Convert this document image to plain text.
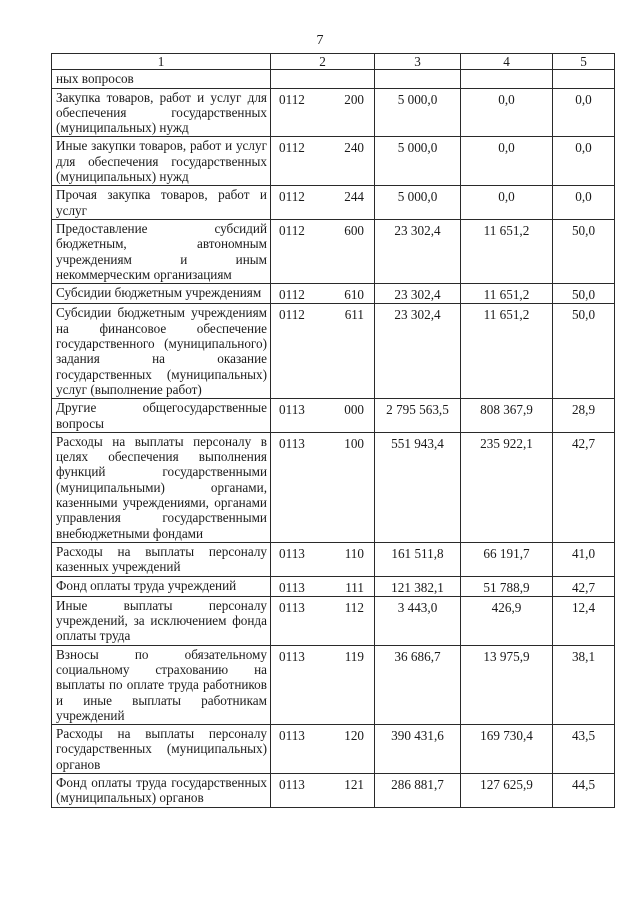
7
1	2	3	4	5
ных вопросов	

Закупка товаров, работ и услуг для обеспечения государственных (муниципальных) нужд	0112 200	5 000,0	0,0	0,0
Иные закупки товаров, работ и услуг для обеспечения государственных (муниципальных) нужд	0112 240	5 000,0	0,0	0,0
Прочая закупка товаров, работ и услуг	0112 244	5 000,0	0,0	0,0
Предоставление субсидий бюджетным, автономным учреждениям и иным некоммерческим организациям	0112 600	23 302,4	11 651,2	50,0
Субсидии бюджетным учреждениям	0112 610	23 302,4	11 651,2	50,0
Субсидии бюджетным учреждениям на финансовое обеспечение государственного (муниципального) задания на оказание государственных (муниципальных) услуг (выполнение работ)	0112 611	23 302,4	11 651,2	50,0
Другие общегосударственные вопросы	0113 000	2 795 563,5	808 367,9	28,9
Расходы на выплаты персоналу в целях обеспечения выполнения функций государственными (муниципальными) органами, казенными учреждениями, органами управления государственными внебюджетными фондами	0113 100	551 943,4	235 922,1	42,7
Расходы на выплаты персоналу казенных учреждений	0113 110	161 511,8	66 191,7	41,0
Фонд оплаты труда учреждений	0113 111	121 382,1	51 788,9	42,7
Иные выплаты персоналу учреждений, за исключением фонда оплаты труда	0113 112	3 443,0	426,9	12,4
Взносы по обязательному социальному страхованию на выплаты по оплате труда работников и иные выплаты работникам учреждений	0113 119	36 686,7	13 975,9	38,1
Расходы на выплаты персоналу государственных (муниципальных) органов	0113 120	390 431,6	169 730,4	43,5
Фонд оплаты труда государственных (муниципальных) органов	0113 121	286 881,7	127 625,9	44,5
